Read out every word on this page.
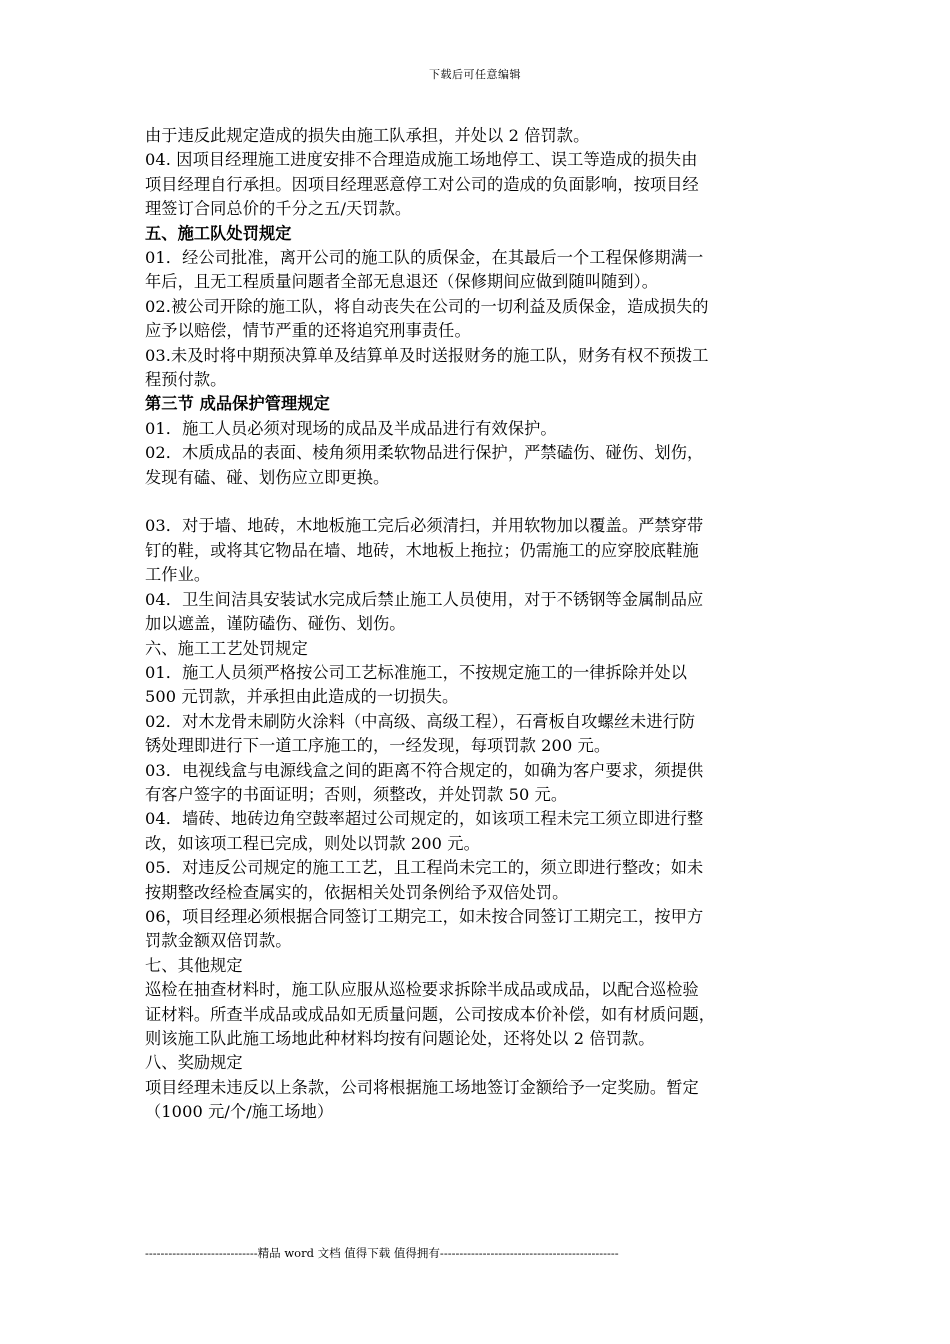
下载后可任意编辑

由于违反此规定造成的损失由施工队承担，并处以 2 倍罚款。

04. 因项目经理施工进度安排不合理造成施工场地停工、误工等造成的损失由

项目经理自行承担。因项目经理恶意停工对公司的造成的负面影响，按项目经

理签订合同总价的千分之五/天罚款。

五、施工队处罚规定

01．经公司批准，离开公司的施工队的质保金，在其最后一个工程保修期满一

年后，且无工程质量问题者全部无息退还（保修期间应做到随叫随到）。

02.被公司开除的施工队，将自动丧失在公司的一切利益及质保金，造成损失的

应予以赔偿，情节严重的还将追究刑事责任。

03.未及时将中期预决算单及结算单及时送报财务的施工队，财务有权不预拨工

程预付款。

第三节 成品保护管理规定

01．施工人员必须对现场的成品及半成品进行有效保护。

02．木质成品的表面、棱角须用柔软物品进行保护，严禁磕伤、碰伤、划伤，

发现有磕、碰、划伤应立即更换。

03．对于墙、地砖，木地板施工完后必须清扫，并用软物加以覆盖。严禁穿带

钉的鞋，或将其它物品在墙、地砖，木地板上拖拉；仍需施工的应穿胶底鞋施

工作业。

04．卫生间洁具安装试水完成后禁止施工人员使用，对于不锈钢等金属制品应

加以遮盖，谨防磕伤、碰伤、划伤。

六、施工工艺处罚规定

01．施工人员须严格按公司工艺标准施工，不按规定施工的一律拆除并处以

500 元罚款，并承担由此造成的一切损失。

02．对木龙骨未刷防火涂料（中高级、高级工程），石膏板自攻螺丝未进行防

锈处理即进行下一道工序施工的，一经发现，每项罚款 200 元。

03．电视线盒与电源线盒之间的距离不符合规定的，如确为客户要求，须提供

有客户签字的书面证明；否则，须整改，并处罚款 50 元。

04．墙砖、地砖边角空鼓率超过公司规定的，如该项工程未完工须立即进行整

改，如该项工程已完成，则处以罚款 200 元。

05．对违反公司规定的施工工艺，且工程尚未完工的，须立即进行整改；如未

按期整改经检查属实的，依据相关处罚条例给予双倍处罚。

06，项目经理必须根据合同签订工期完工，如未按合同签订工期完工，按甲方

罚款金额双倍罚款。

七、其他规定

巡检在抽查材料时，施工队应服从巡检要求拆除半成品或成品，以配合巡检验

证材料。所查半成品或成品如无质量问题，公司按成本价补偿，如有材质问题，

则该施工队此施工场地此种材料均按有问题论处，还将处以 2 倍罚款。

八、奖励规定

项目经理未违反以上条款，公司将根据施工场地签订金额给予一定奖励。暂定

（1000 元/个/施工场地）

-----------------------------精品 word 文档 值得下载 值得拥有----------------------------------------------
